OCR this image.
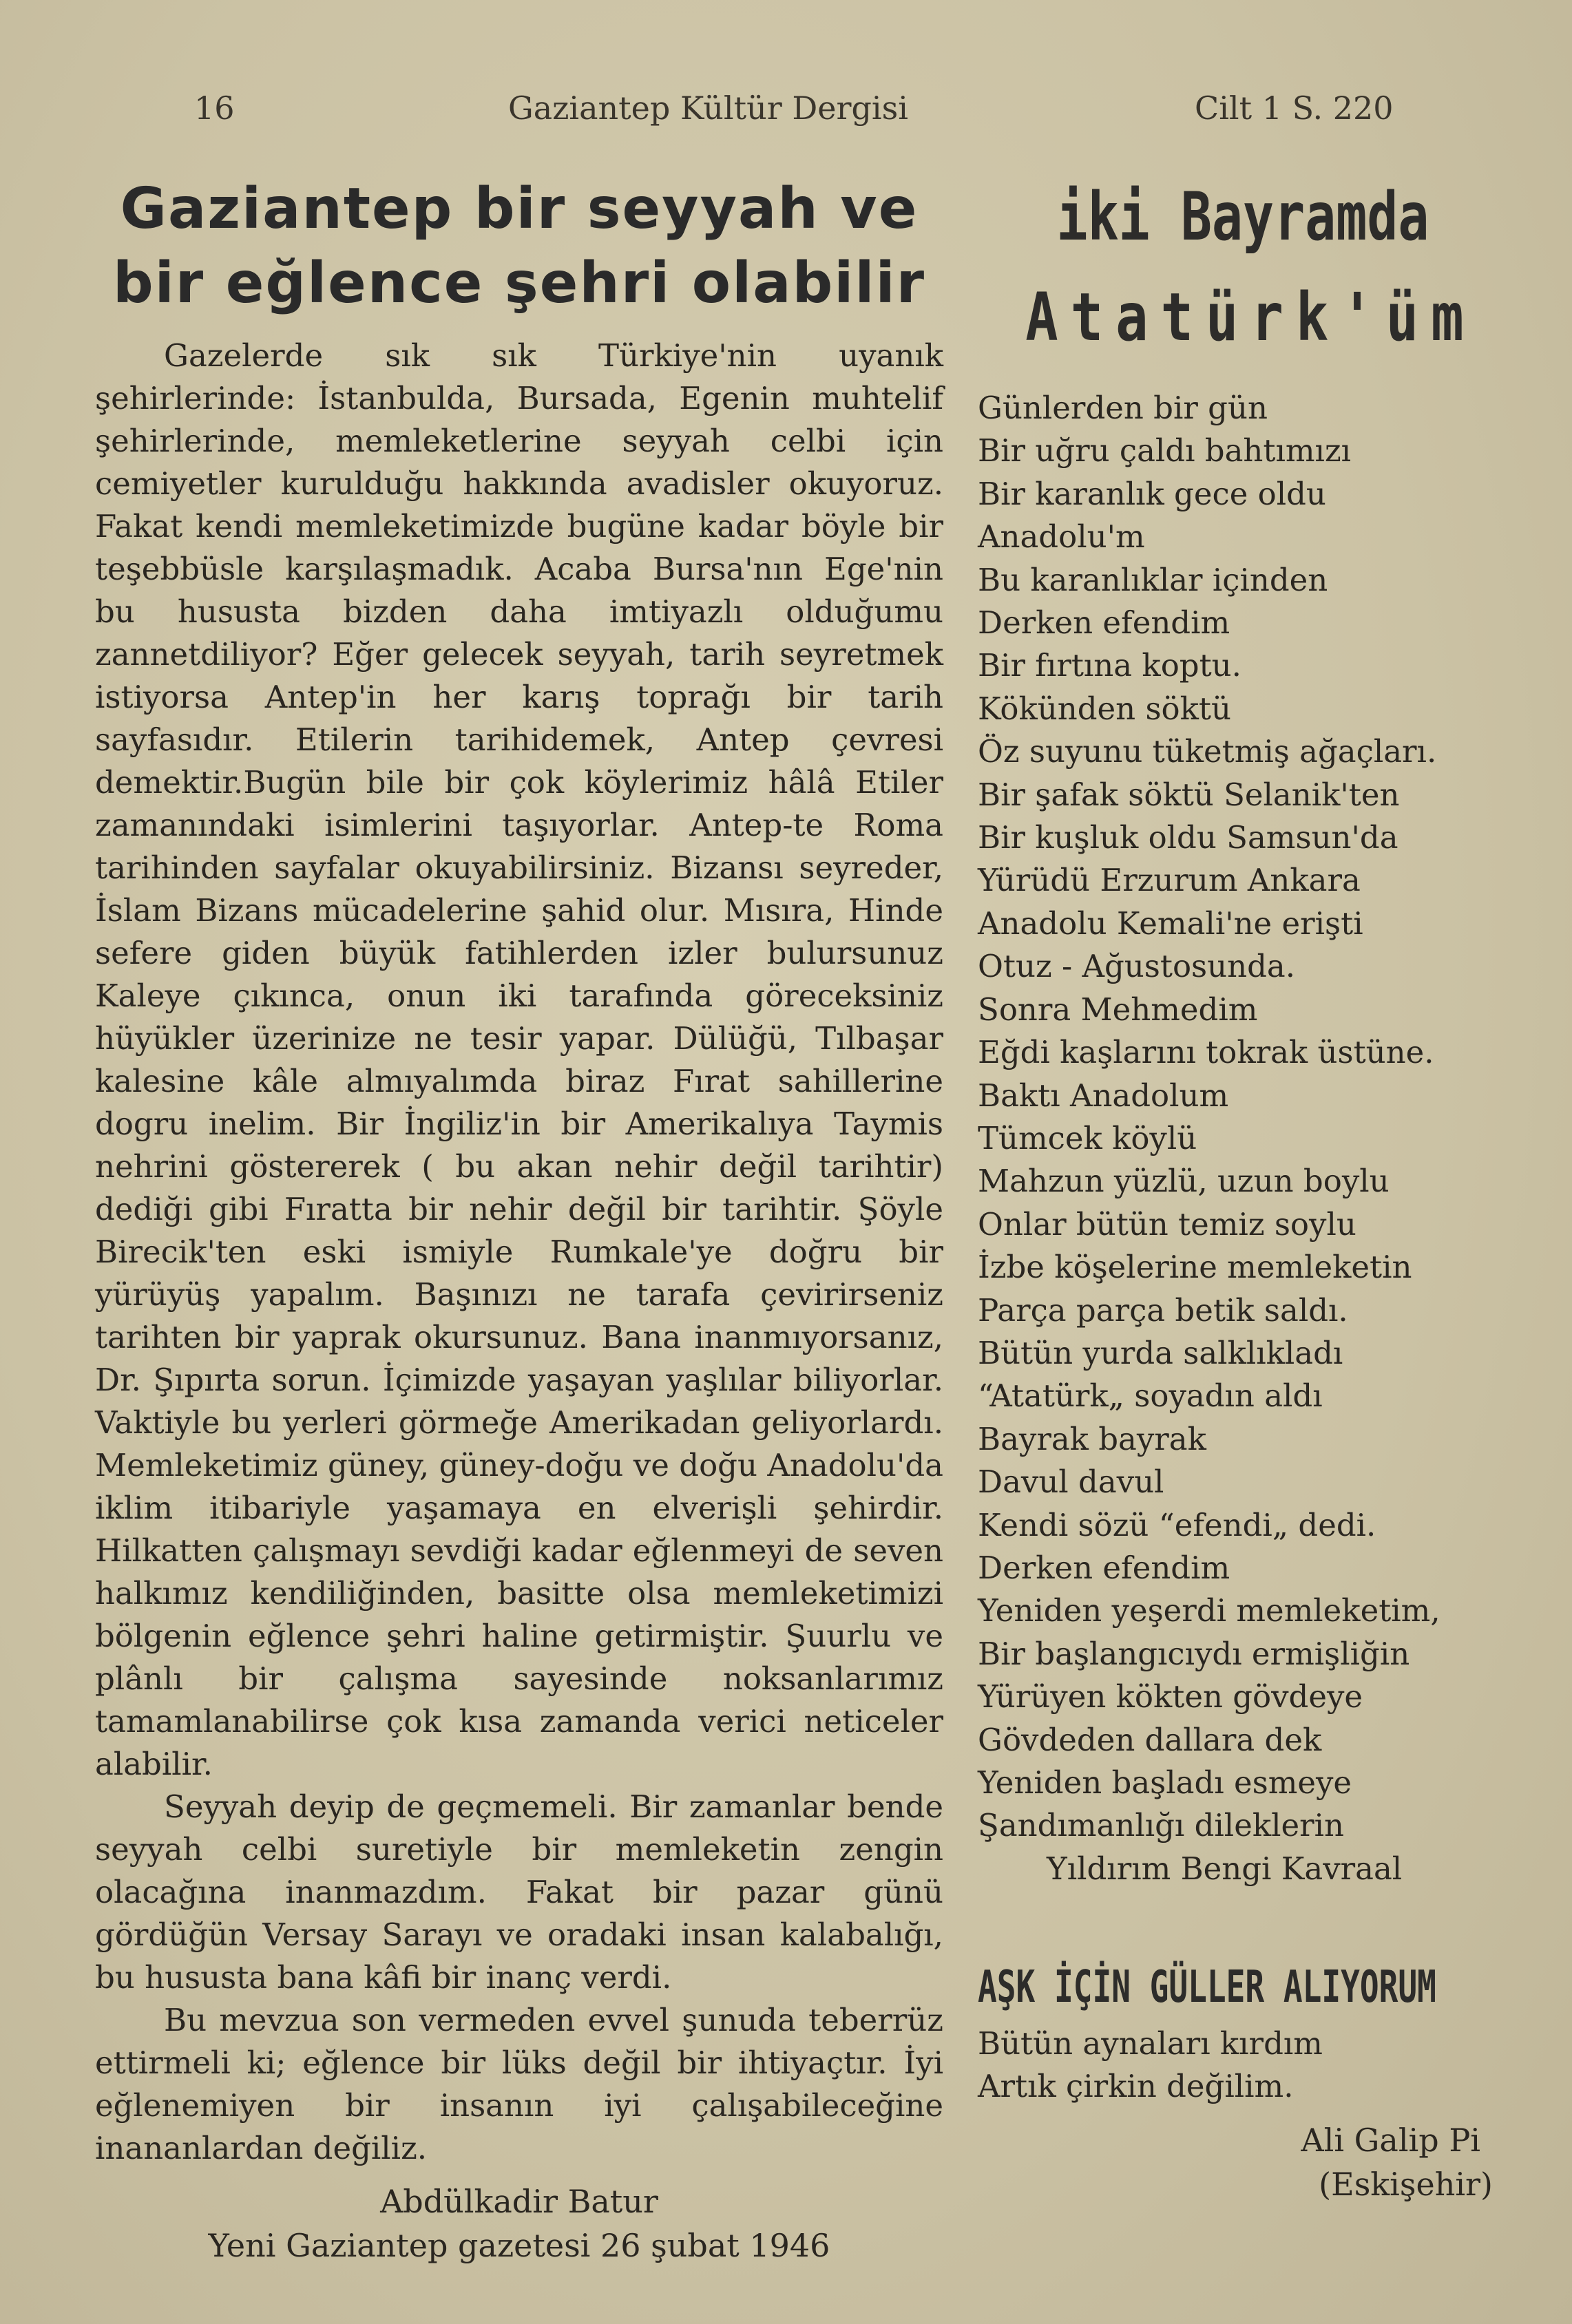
16	Gaziantep Kültür Dergisi	Cilt 1 S. 220
Gaziantep bir seyyah ve
bir eğlence şehri olabilir

Gazelerde sık sık Türkiye'nin uyanık şehirlerinde: İstanbulda, Bursada, Egenin muhtelif şehirlerinde, memleketlerine seyyah celbi için cemiyetler kurulduğu hakkında avadisler okuyoruz. Fakat kendi memleketimizde bugüne kadar böyle bir teşebbüsle karşılaşmadık. Acaba Bursa'nın Ege'nin bu hususta bizden daha imtiyazlı olduğumu zannetdiliyor? Eğer gelecek seyyah, tarih seyretmek istiyorsa Antep'in her karış toprağı bir tarih sayfasıdır. Etilerin tarihidemek, Antep çevresi demektir.Bugün bile bir çok köylerimiz hâlâ Etiler zamanındaki isimlerini taşıyorlar. Antep-te Roma tarihinden sayfalar okuyabilirsiniz. Bizansı seyreder, İslam Bizans mücadelerine şahid olur. Mısıra, Hinde sefere giden büyük fatihlerden izler bulursunuz Kaleye çıkınca, onun iki tarafında göreceksiniz hüyükler üzerinize ne tesir yapar. Dülüğü, Tılbaşar kalesine kâle almıyalımda biraz Fırat sahillerine dogru inelim. Bir İngiliz'in bir Amerikalıya Taymis nehrini göstererek ( bu akan nehir değil tarihtir) dediği gibi Fıratta bir nehir değil bir tarihtir. Şöyle Birecik'ten eski ismiyle Rumkale'ye doğru bir yürüyüş yapalım. Başınızı ne tarafa çevirirseniz tarihten bir yaprak okursunuz. Bana inanmıyorsanız, Dr. Şıpırta sorun. İçimizde yaşayan yaşlılar biliyorlar. Vaktiyle bu yerleri görmeğe Amerikadan geliyorlardı. Memleketimiz güney, güney-doğu ve doğu Anadolu'da iklim itibariyle yaşamaya en elverişli şehirdir. Hilkatten çalışmayı sevdiği kadar eğlenmeyi de seven halkımız kendiliğinden, basitte olsa memleketimizi bölgenin eğlence şehri haline getirmiştir. Şuurlu ve plânlı bir çalışma sayesinde noksanlarımız tamamlanabilirse çok kısa zamanda verici neticeler alabilir.

Seyyah deyip de geçmemeli. Bir zamanlar bende seyyah celbi suretiyle bir memleketin zengin olacağına inanmazdım. Fakat bir pazar günü gördüğün Versay Sarayı ve oradaki insan kalabalığı, bu hususta bana kâfi bir inanç verdi.

Bu mevzua son vermeden evvel şunuda teberrüz ettirmeli ki; eğlence bir lüks değil bir ihtiyaçtır. İyi eğlenemiyen bir insanın iyi çalışabileceğine inananlardan değiliz.

Abdülkadir Batur
Yeni Gaziantep gazetesi 26 şubat 1946
iki Bayramda
Atatürk'üm
Günlerden bir gün
Bir uğru çaldı bahtımızı
Bir karanlık gece oldu
Anadolu'm
Bu karanlıklar içinden
Derken efendim
Bir fırtına koptu.
Kökünden söktü
Öz suyunu tüketmiş ağaçları.
Bir şafak söktü Selanik'ten
Bir kuşluk oldu Samsun'da
Yürüdü Erzurum Ankara
Anadolu Kemali'ne erişti
Otuz - Ağustosunda.
Sonra Mehmedim
Eğdi kaşlarını tokrak üstüne.
Baktı Anadolum
Tümcek köylü
Mahzun yüzlü, uzun boylu
Onlar bütün temiz soylu
İzbe köşelerine memleketin
Parça parça betik saldı.
Bütün yurda salklıkladı
“Atatürk„ soyadın aldı
Bayrak bayrak
Davul davul
Kendi sözü “efendi„ dedi.
Derken efendim
Yeniden yeşerdi memleketim,
Bir başlangıcıydı ermişliğin
Yürüyen kökten gövdeye
Gövdeden dallara dek
Yeniden başladı esmeye
Şandımanlığı dileklerin
Yıldırım Bengi Kavraal
AŞK İÇİN GÜLLER ALIYORUM
Bütün aynaları kırdım
Artık çirkin değilim.
Ali Galip Pi
(Eskişehir)
